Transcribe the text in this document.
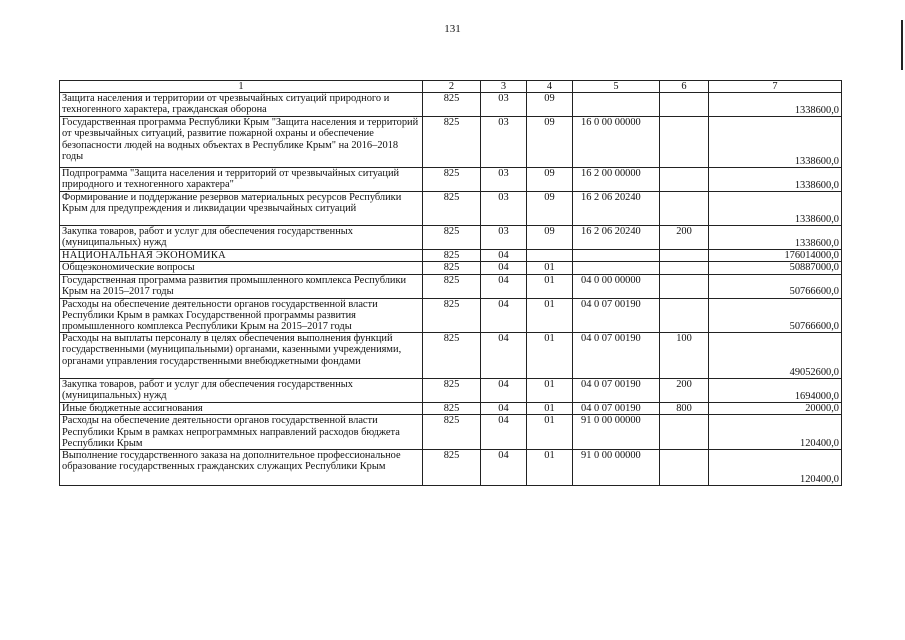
131
1	2	3	4	5	6	7
Защита населения и территории от чрезвычайных ситуаций природного и техногенного характера, гражданская оборона	825	03	09			1338600,0
Государственная программа Республики Крым "Защита населения и территорий от чрезвычайных ситуаций, развитие пожарной охраны и обеспечение безопасности людей на водных объектах в Республике Крым" на 2016–2018 годы	825	03	09	16 0 00 00000		1338600,0
Подпрограмма "Защита населения и территорий от чрезвычайных ситуаций природного и техногенного характера"	825	03	09	16 2 00 00000		1338600,0
Формирование и поддержание резервов материальных ресурсов Республики Крым для предупреждения и ликвидации чрезвычайных ситуаций	825	03	09	16 2 06 20240		1338600,0
Закупка товаров, работ и услуг для обеспечения государственных (муниципальных) нужд	825	03	09	16 2 06 20240	200	1338600,0
НАЦИОНАЛЬНАЯ ЭКОНОМИКА	825	04				176014000,0
Общеэкономические вопросы	825	04	01			50887000,0
Государственная программа развития промышленного комплекса Республики Крым на 2015–2017 годы	825	04	01	04 0 00 00000		50766600,0
Расходы на обеспечение деятельности органов государственной власти Республики Крым в рамках Государственной программы развития промышленного комплекса Республики Крым на 2015–2017 годы	825	04	01	04 0 07 00190		50766600,0
Расходы на выплаты персоналу в целях обеспечения выполнения функций государственными (муниципальными) органами, казенными учреждениями, органами управления государственными внебюджетными фондами	825	04	01	04 0 07 00190	100	49052600,0
Закупка товаров, работ и услуг для обеспечения государственных (муниципальных) нужд	825	04	01	04 0 07 00190	200	1694000,0
Иные бюджетные ассигнования	825	04	01	04 0 07 00190	800	20000,0
Расходы на обеспечение деятельности органов государственной власти Республики Крым в рамках непрограммных направлений расходов бюджета Республики Крым	825	04	01	91 0 00 00000		120400,0
Выполнение государственного заказа на дополнительное профессиональное образование государственных гражданских служащих Республики Крым	825	04	01	91 0 00 00000		120400,0
